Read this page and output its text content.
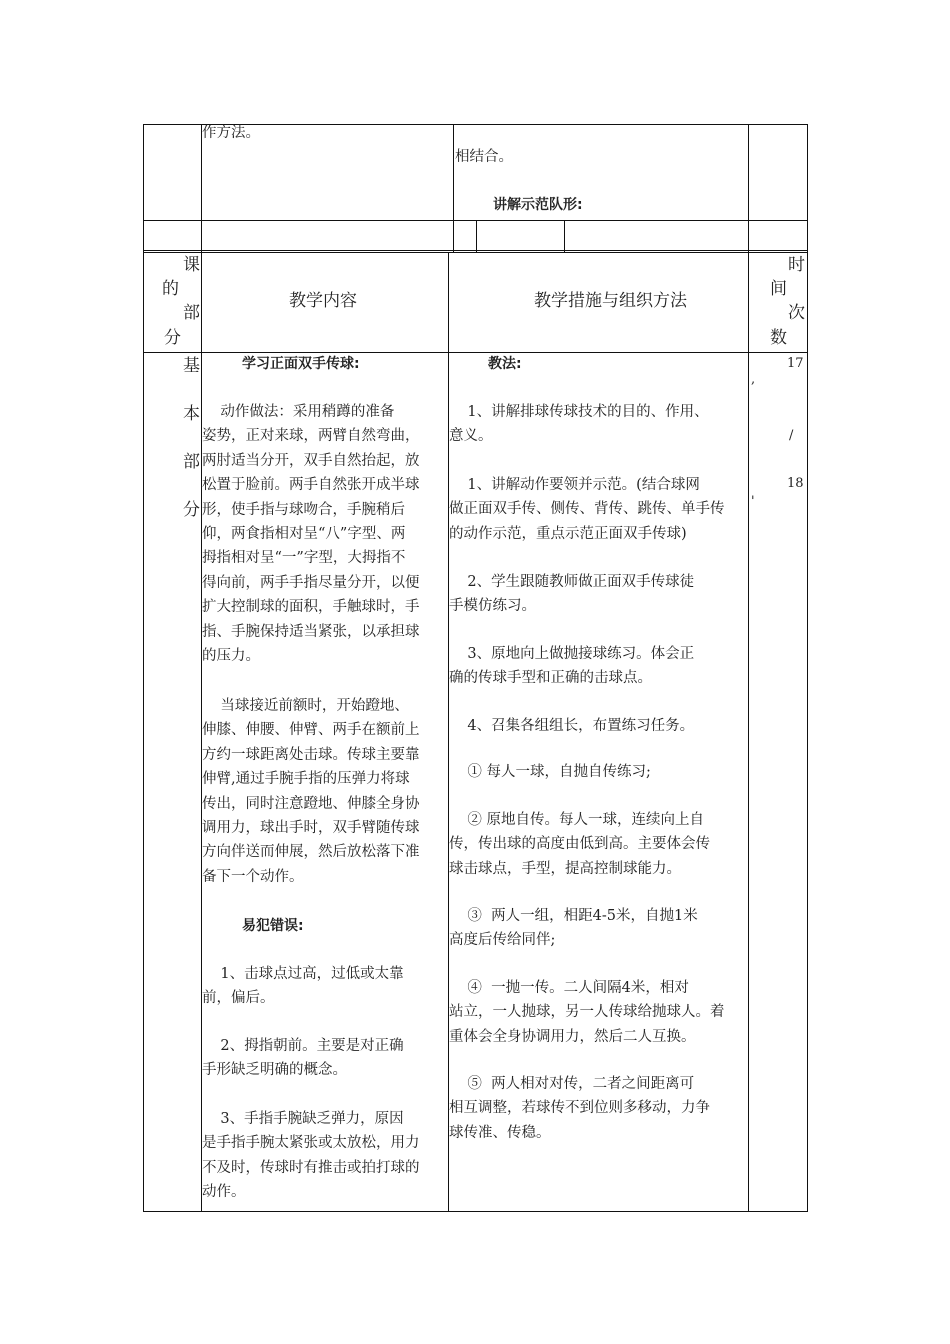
作方法。
相结合。
讲解示范队形:
课
的
部
分
教学内容	教学措施与组织方法
时
间
次
数
基
本
部
分
学习正面双手传球:
动作做法：采用稍蹲的准备
姿势，正对来球，两臂自然弯曲，
两肘适当分开，双手自然抬起，放
松置于脸前。两手自然张开成半球
形，使手指与球吻合，手腕稍后
仰，两食指相对呈“八”字型、两
拇指相对呈“一”字型，大拇指不
得向前，两手手指尽量分开，以便
扩大控制球的面积，手触球时，手
指、手腕保持适当紧张，以承担球
的压力。
当球接近前额时，开始蹬地、
伸膝、伸腰、伸臂、两手在额前上
方约一球距离处击球。传球主要靠
伸臂,通过手腕手指的压弹力将球
传出，同时注意蹬地、伸膝全身协
调用力，球出手时，双手臂随传球
方向伴送而伸展，然后放松落下准
备下一个动作。
易犯错误:
1、击球点过高，过低或太靠
前，偏后。
2、拇指朝前。主要是对正确
手形缺乏明确的概念。
3、手指手腕缺乏弹力，原因
是手指手腕太紧张或太放松，用力
不及时，传球时有推击或拍打球的
动作。
教法:
1、讲解排球传球技术的目的、作用、
意义。
1、讲解动作要领并示范。(结合球网
做正面双手传、侧传、背传、跳传、单手传
的动作示范，重点示范正面双手传球)
2、学生跟随教师做正面双手传球徒
手模仿练习。
3、原地向上做抛接球练习。体会正
确的传球手型和正确的击球点。
4、召集各组组长，布置练习任务。
① 每人一球，自抛自传练习;
② 原地自传。每人一球，连续向上自
传，传出球的高度由低到高。主要体会传
球击球点，手型，提高控制球能力。
③  两人一组，相距4-5米，自抛1米
高度后传给同伴;
④  一抛一传。二人间隔4米，相对
站立，一人抛球，另一人传球给抛球人。着
重体会全身协调用力，然后二人互换。
⑤  两人相对对传，二者之间距离可
相互调整，若球传不到位则多移动，力争
球传准、传稳。
17
/
18
,
'
